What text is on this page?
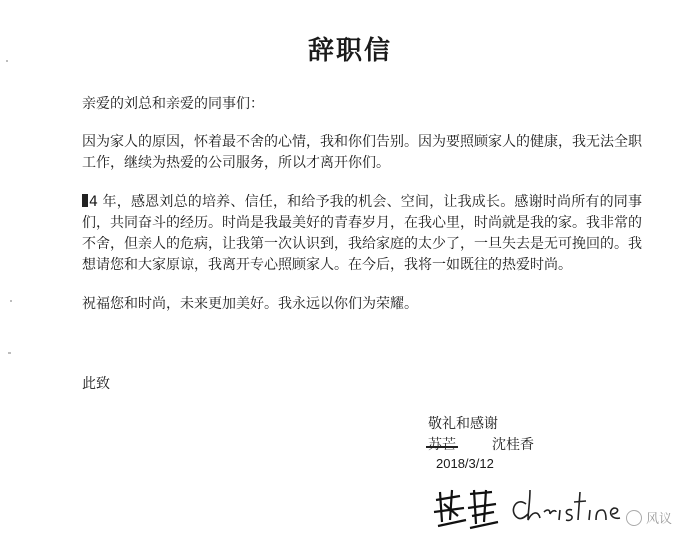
辞职信

亲爱的刘总和亲爱的同事们：

因为家人的原因，怀着最不舍的心情，我和你们告别。因为要照顾家人的健康，我无法全职工作，继续为热爱的公司服务，所以才离开你们。

4 年，感恩刘总的培养、信任，和给予我的机会、空间，让我成长。感谢时尚所有的同事们，共同奋斗的经历。时尚是我最美好的青春岁月，在我心里，时尚就是我的家。我非常的不舍，但亲人的危病，让我第一次认识到，我给家庭的太少了，一旦失去是无可挽回的。我想请您和大家原谅，我离开专心照顾家人。在今后，我将一如既往的热爱时尚。

祝福您和时尚，未来更加美好。我永远以你们为荣耀。

此致
敬礼和感谢
苏芒	沈桂香
2018/3/12
christine
风议
